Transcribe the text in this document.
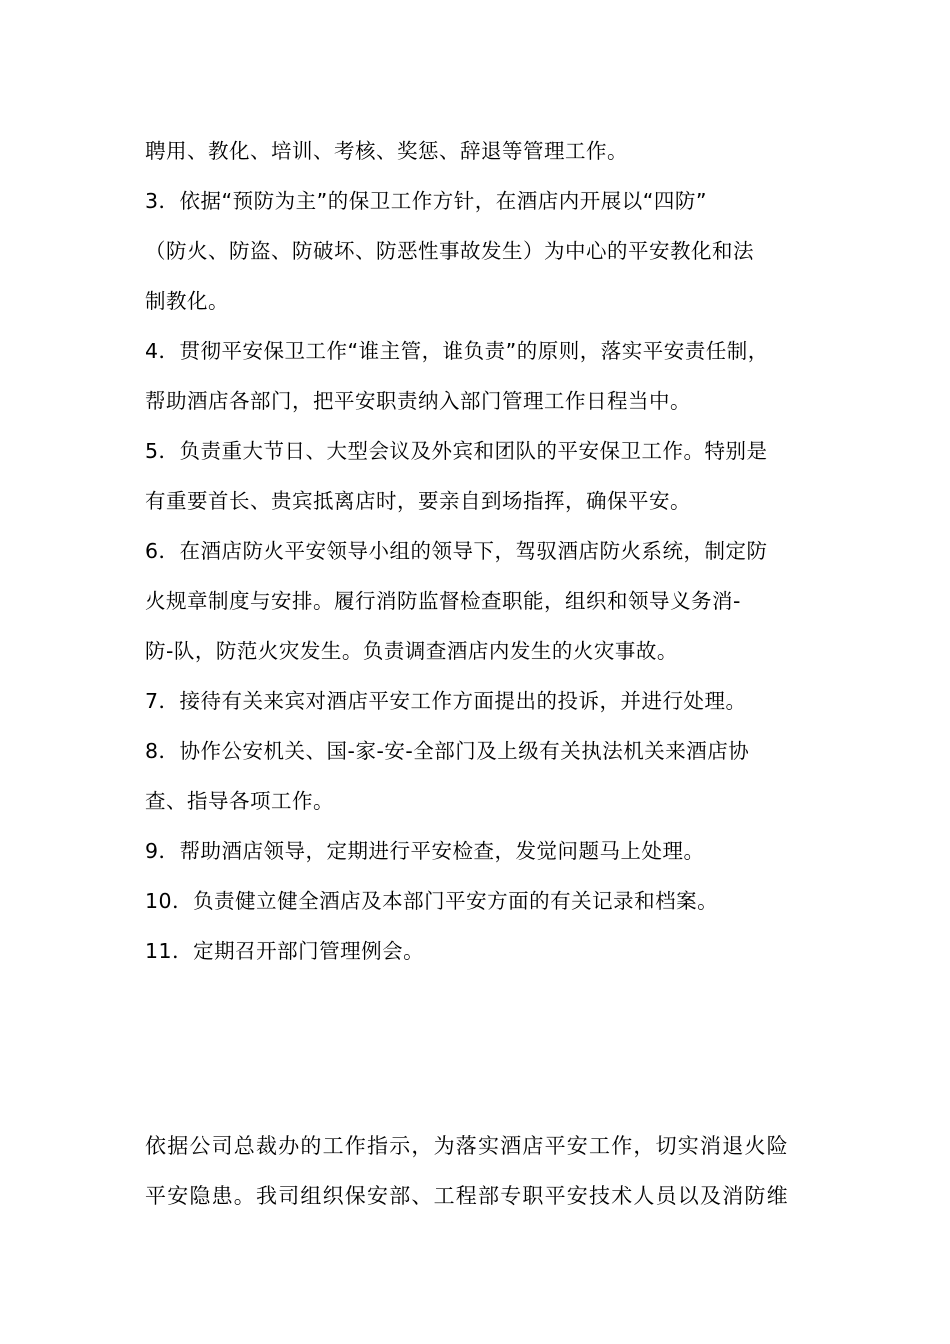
聘用、教化、培训、考核、奖惩、辞退等管理工作。
3．依据“预防为主”的保卫工作方针，在酒店内开展以“四防”
（防火、防盗、防破坏、防恶性事故发生）为中心的平安教化和法
制教化。
4．贯彻平安保卫工作“谁主管，谁负责”的原则，落实平安责任制，
帮助酒店各部门，把平安职责纳入部门管理工作日程当中。
5．负责重大节日、大型会议及外宾和团队的平安保卫工作。特别是
有重要首长、贵宾抵离店时，要亲自到场指挥，确保平安。
6．在酒店防火平安领导小组的领导下，驾驭酒店防火系统，制定防
火规章制度与安排。履行消防监督检查职能，组织和领导义务消-
防-队，防范火灾发生。负责调查酒店内发生的火灾事故。
7．接待有关来宾对酒店平安工作方面提出的投诉，并进行处理。
8．协作公安机关、国-家-安-全部门及上级有关执法机关来酒店协
查、指导各项工作。
9．帮助酒店领导，定期进行平安检查，发觉问题马上处理。
10．负责健立健全酒店及本部门平安方面的有关记录和档案。
11．定期召开部门管理例会。
依据公司总裁办的工作指示，为落实酒店平安工作，切实消退火险
平安隐患。我司组织保安部、工程部专职平安技术人员以及消防维
